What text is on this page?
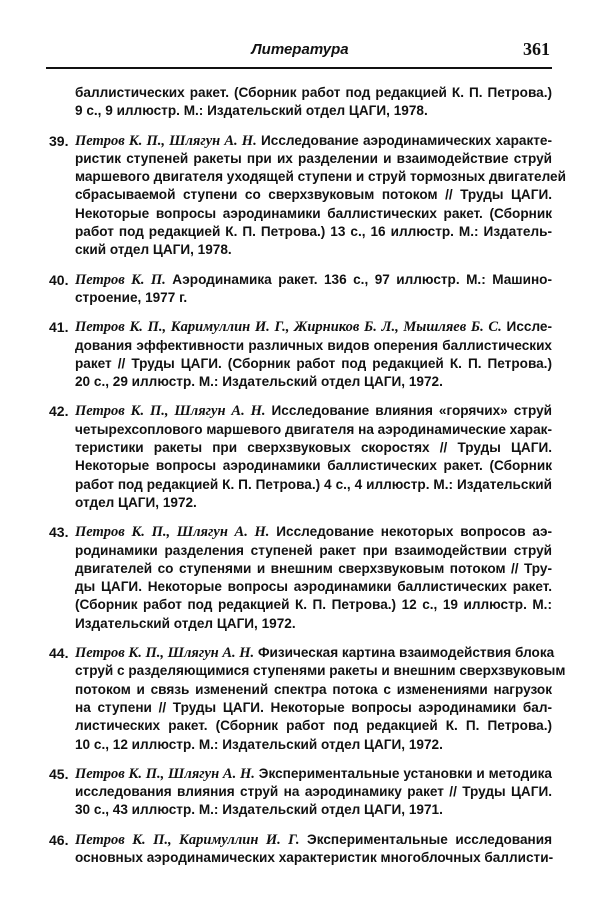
Литература	361
баллистических ракет. (Сборник работ под редакцией К. П. Петрова.)
9 с., 9 иллюстр. М.: Издательский отдел ЦАГИ, 1978.
39. Петров К. П., Шлягун А. Н. Исследование аэродинамических характе-
ристик ступеней ракеты при их разделении и взаимодействие струй
маршевого двигателя уходящей ступени и струй тормозных двигателей
сбрасываемой ступени со сверхзвуковым потоком // Труды ЦАГИ.
Некоторые вопросы аэродинамики баллистических ракет. (Сборник
работ под редакцией К. П. Петрова.) 13 с., 16 иллюстр. М.: Издатель-
ский отдел ЦАГИ, 1978.
40. Петров К. П. Аэродинамика ракет. 136 с., 97 иллюстр. М.: Машино-
строение, 1977 г.
41. Петров К. П., Каримуллин И. Г., Жирников Б. Л., Мышляев Б. С. Иссле-
дования эффективности различных видов оперения баллистических
ракет // Труды ЦАГИ. (Сборник работ под редакцией К. П. Петрова.)
20 с., 29 иллюстр. М.: Издательский отдел ЦАГИ, 1972.
42. Петров К. П., Шлягун А. Н. Исследование влияния «горячих» струй
четырехсоплового маршевого двигателя на аэродинамические харак-
теристики ракеты при сверхзвуковых скоростях // Труды ЦАГИ.
Некоторые вопросы аэродинамики баллистических ракет. (Сборник
работ под редакцией К. П. Петрова.) 4 с., 4 иллюстр. М.: Издательский
отдел ЦАГИ, 1972.
43. Петров К. П., Шлягун А. Н. Исследование некоторых вопросов аэ-
родинамики разделения ступеней ракет при взаимодействии струй
двигателей со ступенями и внешним сверхзвуковым потоком // Тру-
ды ЦАГИ. Некоторые вопросы аэродинамики баллистических ракет.
(Сборник работ под редакцией К. П. Петрова.) 12 с., 19 иллюстр. М.:
Издательский отдел ЦАГИ, 1972.
44. Петров К. П., Шлягун А. Н. Физическая картина взаимодействия блока
струй с разделяющимися ступенями ракеты и внешним сверхзвуковым
потоком и связь изменений спектра потока с изменениями нагрузок
на ступени // Труды ЦАГИ. Некоторые вопросы аэродинамики бал-
листических ракет. (Сборник работ под редакцией К. П. Петрова.)
10 с., 12 иллюстр. М.: Издательский отдел ЦАГИ, 1972.
45. Петров К. П., Шлягун А. Н. Экспериментальные установки и методика
исследования влияния струй на аэродинамику ракет // Труды ЦАГИ.
30 с., 43 иллюстр. М.: Издательский отдел ЦАГИ, 1971.
46. Петров К. П., Каримуллин И. Г. Экспериментальные исследования
основных аэродинамических характеристик многоблочных баллисти-
